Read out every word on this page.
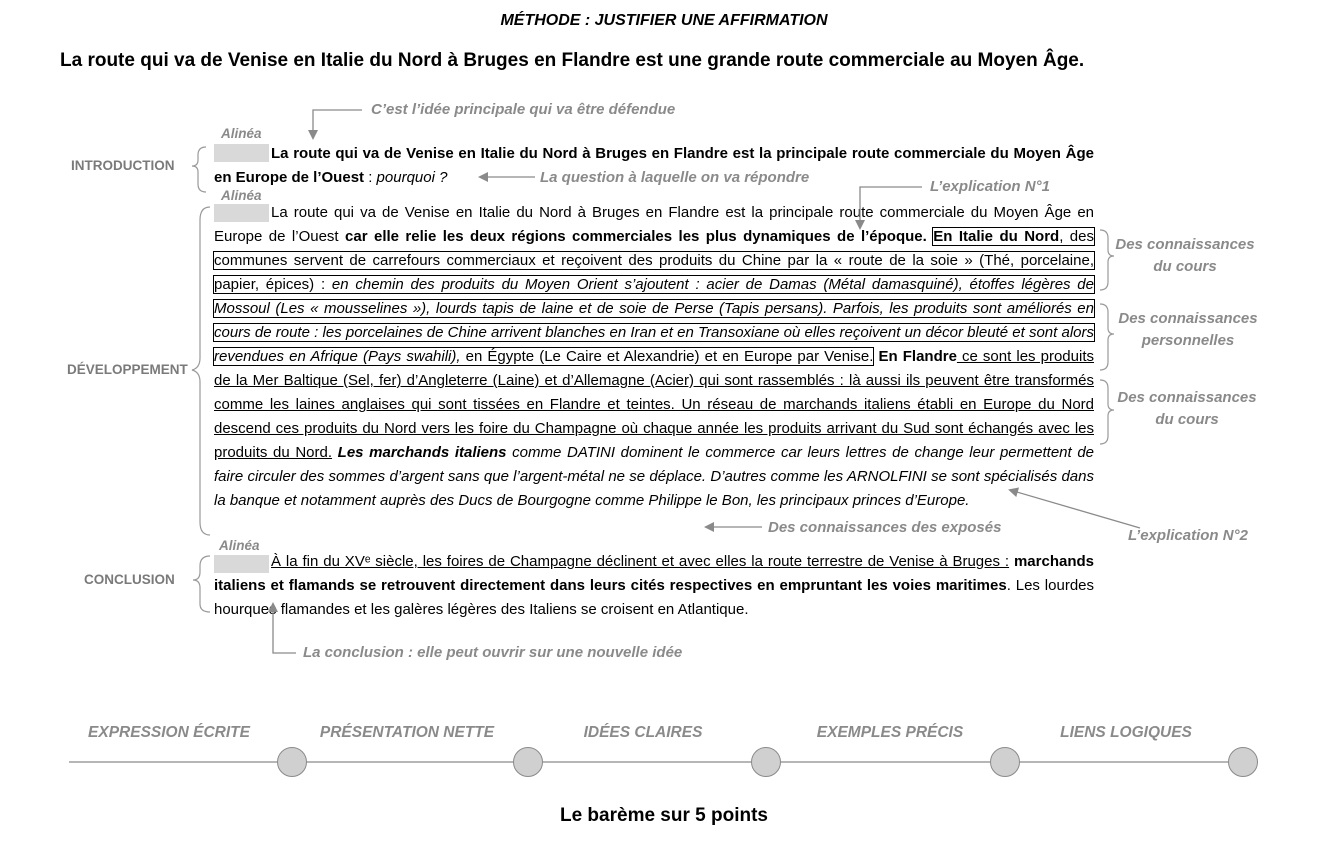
MÉTHODE : JUSTIFIER UNE AFFIRMATION
La route qui va de Venise en Italie du Nord à Bruges en Flandre est une grande route commerciale au Moyen Âge.
INTRODUCTION
DÉVELOPPEMENT
CONCLUSION
Alinéa
Alinéa
Alinéa
La route qui va de Venise en Italie du Nord à Bruges en Flandre est la principale route commerciale du Moyen Âge en Europe de l’Ouest : pourquoi ?
La route qui va de Venise en Italie du Nord à Bruges en Flandre est la principale route commerciale du Moyen Âge en Europe de l’Ouest car elle relie les deux régions commerciales les plus dynamiques de l’époque. En Italie du Nord, des communes servent de carrefours commerciaux et reçoivent des produits du Chine par la « route de la soie » (Thé, porcelaine, papier, épices) : en chemin des produits du Moyen Orient s’ajoutent : acier de Damas (Métal damasquiné), étoffes légères de Mossoul (Les « mousselines »), lourds tapis de laine et de soie de Perse (Tapis persans). Parfois, les produits sont améliorés en cours de route : les porcelaines de Chine arrivent blanches en Iran et en Transoxiane où elles reçoivent un décor bleuté et sont alors revendues en Afrique (Pays swahili), en Égypte (Le Caire et Alexandrie) et en Europe par Venise. En Flandre ce sont les produits de la Mer Baltique (Sel, fer) d’Angleterre (Laine) et d’Allemagne (Acier) qui sont rassemblés : là aussi ils peuvent être transformés comme les laines anglaises qui sont tissées en Flandre et teintes. Un réseau de marchands italiens établi en Europe du Nord descend ces produits du Nord vers les foire du Champagne où chaque année les produits arrivant du Sud sont échangés avec les produits du Nord. Les marchands italiens comme DATINI dominent le commerce car leurs lettres de change leur permettent de faire circuler des sommes d’argent sans que l’argent-métal ne se déplace. D’autres comme les ARNOLFINI se sont spécialisés dans la banque et notamment auprès des Ducs de Bourgogne comme Philippe le Bon, les principaux princes d’Europe.
À la fin du XVᵉ siècle, les foires de Champagne déclinent et avec elles la route terrestre de Venise à Bruges : marchands italiens et flamands se retrouvent directement dans leurs cités respectives en empruntant les voies maritimes. Les lourdes hourques flamandes et les galères légères des Italiens se croisent en Atlantique.
C’est l’idée principale qui va être défendue
La question à laquelle on va répondre
L’explication N°1
L’explication N°2
Des connaissances des exposés
La conclusion : elle peut ouvrir sur une nouvelle idée
Des connaissances du cours
Des connaissances personnelles
Des connaissances du cours
EXPRESSION ÉCRITE	PRÉSENTATION NETTE	IDÉES CLAIRES	EXEMPLES PRÉCIS	LIENS LOGIQUES
Le barème sur 5 points
